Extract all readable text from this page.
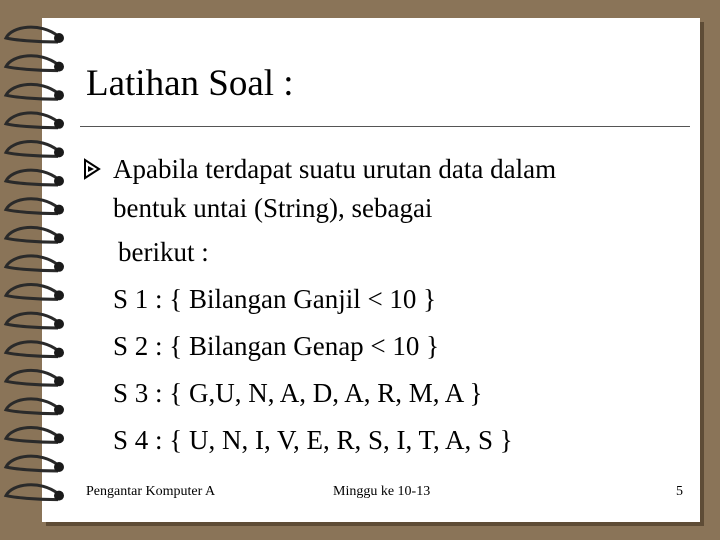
Latihan Soal :
Apabila terdapat suatu urutan data dalam
bentuk untai (String), sebagai
berikut :
S 1 : { Bilangan Ganjil < 10 }
S 2 : { Bilangan Genap < 10 }
S 3 : { G,U, N, A, D, A, R, M, A }
S 4 : { U, N, I, V, E, R, S, I, T, A, S }
Pengantar Komputer A	Minggu ke 10-13	5
